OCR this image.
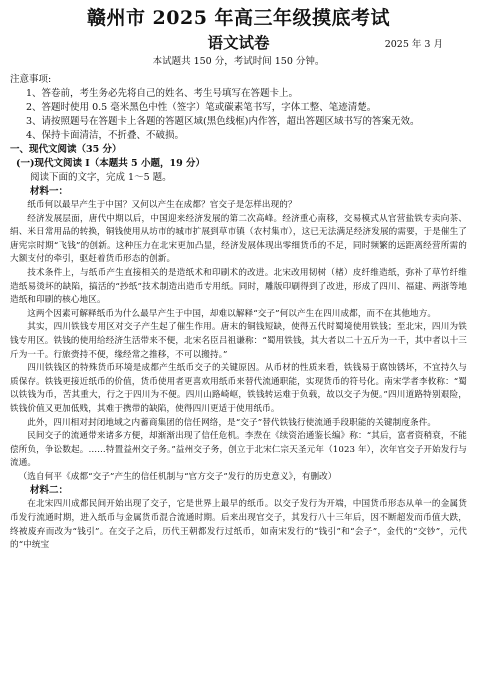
赣州市 2025 年高三年级摸底考试
语文试卷	2025 年 3 月
本试题共 150 分，考试时间 150 分钟。
注意事项:
1、答卷前，考生务必先将自己的姓名、考生号填写在答题卡上。
2、答题时使用 0.5 毫米黑色中性（签字）笔或碳素笔书写，字体工整、笔迹清楚。
3、请按照题号在答题卡上各题的答题区域(黑色线框)内作答，超出答题区域书写的答案无效。
4、保持卡面清洁，不折叠、不破损。
一、现代文阅读（35 分）
(一)现代文阅读 I（本题共 5 小题，19 分）
阅读下面的文字，完成 1～5 题。
材料一：
纸币何以最早产生于中国？又何以产生在成都？官交子是怎样出现的？
经济发展层面，唐代中期以后，中国迎来经济发展的第二次高峰。经济重心南移，交易模式从官营盐铁专卖向茶、绢、米日常用品的转换，铜钱使用从坊市的城市扩展到草市镇（农村集市），这已无法满足经济发展的需要，于是催生了唐宪宗时期“飞钱”的创新。这种压力在北宋更加凸显，经济发展体现出零细货币的不足，同时频繁的远距离经营所需的大额支付的牵引，驱赶着货币形态的创新。
技术条件上，与纸币产生直接相关的是造纸术和印刷术的改进。北宋改用韧树（楮）皮纤维造纸，弥补了草竹纤维造纸易烫坏的缺陷，搞活的“抄纸”技术制造出造币专用纸。同时，雕版印刷得到了改进，形成了四川、福建、两浙等地造纸和印刷的核心地区。
这两个因素可解释纸币为什么最早产生于中国，却难以解释“交子”何以产生在四川成都，而不在其他地方。
其实，四川铁钱专用区对交子产生起了催生作用。唐末的铜钱短缺，使得五代时蜀境使用铁钱；至北宋，四川为铁钱专用区。铁钱的使用给经济生活带来不便，北宋名臣吕祖谦称：“蜀用铁钱，其大者以二十五斤为一千，其中者以十三斤为一千。行旅赍持不便，缘经常之推移，不可以搬持。”
四川铁钱区的特殊货币环境是成都产生纸币交子的关键原因。从币材的性质来看，铁钱易于腐蚀锈坏，不宜持久与质保存。铁钱更接近纸币的价值，货币使用者更喜欢用纸币来替代流通职能，实现货币的符号化。南宋学者李攸称：“蜀以铁钱为币，苦其重大，行之于四川为不便。四川山路崎岖，铁钱转运难于负载，故以交子为便。”四川道路特别艰险，铁钱价值又更加低贱，其难于携带的缺陷，使得四川更适于使用纸币。
此外，四川相对封闭地域之内蓄商集团的信任网络，是“交子”替代铁钱行使流通手段职能的关键制度条件。
民间交子的流通带来诸多方便，却渐渐出现了信任危机。李焘在《续资治通鉴长编》称：“其后，富者资稍衰，不能偿所负，争讼数起。……特置益州交子务。”益州交子务，创立于北宋仁宗天圣元年（1023 年），次年官交子开始发行与流通。
（选自何平《成都“交子”产生的信任机制与“官方交子”发行的历史意义》，有删改）
材料二：
在北宋四川成都民间开始出现了交子，它是世界上最早的纸币。以交子发行为开端，中国货币形态从单一的金属货币发行流通时期，进入纸币与金属货币混合流通时期。后来出现官交子，其发行八十三年后，因不断超发而币值大跌，终被废弃而改为“钱引”。在交子之后，历代王朝都发行过纸币，如南宋发行的“钱引”和“会子”，金代的“交钞”，元代的“中统宝
